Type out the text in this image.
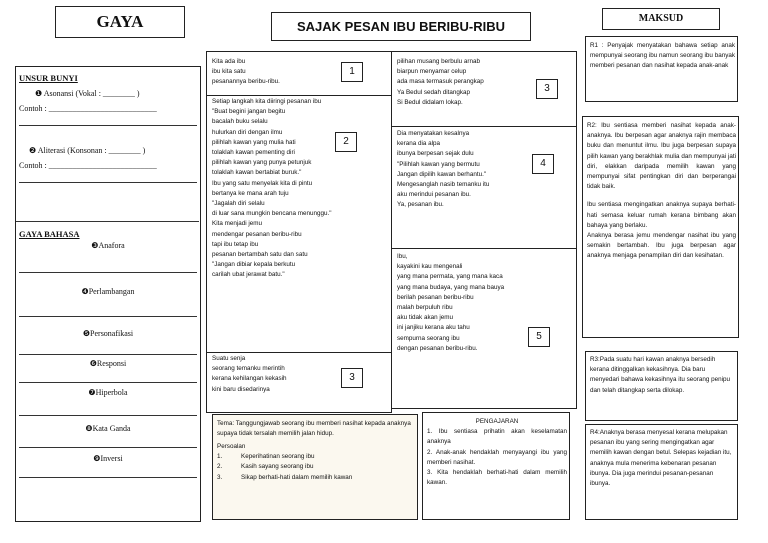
GAYA	SAJAK PESAN IBU BERIBU-RIBU
MAKSUD
UNSUR BUNYI
❶ Asonansi (Vokal : ________ )
Contoh : ___________________________
❷ Aliterasi (Konsonan : ________ )
Contoh : ___________________________
GAYA BAHASA
❸Anafora
❹Perlambangan
❺Personafikasi
❻Responsi
❼Hiperbola
❽Kata Ganda
❾Inversi
Kita ada ibu
ibu kita satu
pesanannya beribu-ribu.
1
Setiap langkah kita diiringi pesanan ibu
"Buat begini jangan begitu
bacalah buku selalu
hulurkan diri dengan ilmu
pilihlah kawan yang mulia hati
tolaklah kawan pementing diri
pilihlah kawan yang punya petunjuk
tolaklah kawan bertabiat buruk."
Ibu yang satu menyelak kita di pintu
bertanya ke mana arah tuju
"Jagalah diri selalu
di luar sana mungkin bencana menunggu."
Kita menjadi jemu
mendengar pesanan beribu-ribu
tapi ibu tetap ibu
pesanan bertambah satu dan satu
"Jangan dibiar kepala berkutu
carilah ubat jerawat batu."
2
Suatu senja
seorang temanku merintih
kerana kehilangan kekasih
kini baru disedarinya
3
pilihan musang berbulu arnab
biarpun menyamar celup
ada masa termasuk perangkap
Ya Bedul sedah ditangkap
Si Bedul didalam lokap.
3
Dia menyatakan kesalnya
kerana dia alpa
ibunya berpesan sejak dulu
"Pilihlah kawan yang bermutu
Jangan dipilih kawan berhantu."
Mengesanglah nasib temanku itu
aku merindui pesanan ibu.
Ya, pesanan ibu.
4
Ibu,
kayakini kau mengenali
yang mana permata, yang mana kaca
yang mana budaya, yang mana bauya
berilah pesanan beribu-ribu
malah berpuluh ribu
aku tidak akan jemu
ini janjiku kerana aku tahu
sempurna seorang ibu
dengan pesanan beribu-ribu.
5
Tema: Tanggungjawab seorang ibu memberi nasihat kepada anaknya supaya tidak tersalah memilih jalan hidup.
Persoalan
1.	Keperihatinan seorang ibu
2.	Kasih sayang seorang ibu
3.	Sikap berhati-hati dalam memilih kawan
PENGAJARAN

1. Ibu sentiasa prihatin akan keselamatan anaknya

2. Anak-anak hendaklah menyayangi ibu yang memberi nasihat.

3. Kita hendaklah berhati-hati dalam memilih kawan.

R1 : Penyajak menyatakan bahawa setiap anak mempunyai seorang ibu namun seorang ibu banyak memberi pesanan dan nasihat kepada anak-anak

R2: Ibu sentiasa memberi nasihat kepada anak-anaknya. Ibu berpesan agar anaknya rajin membaca buku dan menuntut ilmu. Ibu juga berpesan supaya pilih kawan yang berakhlak mulia dan mempunyai jati diri, elakkan daripada memilih kawan yang mempunyai sifat pentingkan diri dan berperangai tidak baik.

Ibu sentiasa mengingatkan anaknya supaya berhati-hati semasa keluar rumah kerana bimbang akan bahaya yang berlaku.

Anaknya berasa jemu mendengar nasihat ibu yang semakin bertambah. Ibu juga berpesan agar anaknya menjaga penampilan diri dan kesihatan.

R3:Pada suatu hari kawan anaknya bersedih kerana ditinggalkan kekasihnya. Dia baru menyedari bahawa kekasihnya itu seorang penipu dan telah ditangkap serta dilokap.

R4:Anaknya berasa menyesal kerana melupakan pesanan ibu yang sering mengingatkan agar memilih kawan dengan betul. Selepas kejadian itu, anaknya mula menerima kebenaran pesanan ibunya. Dia juga merindui pesanan-pesanan ibunya.
